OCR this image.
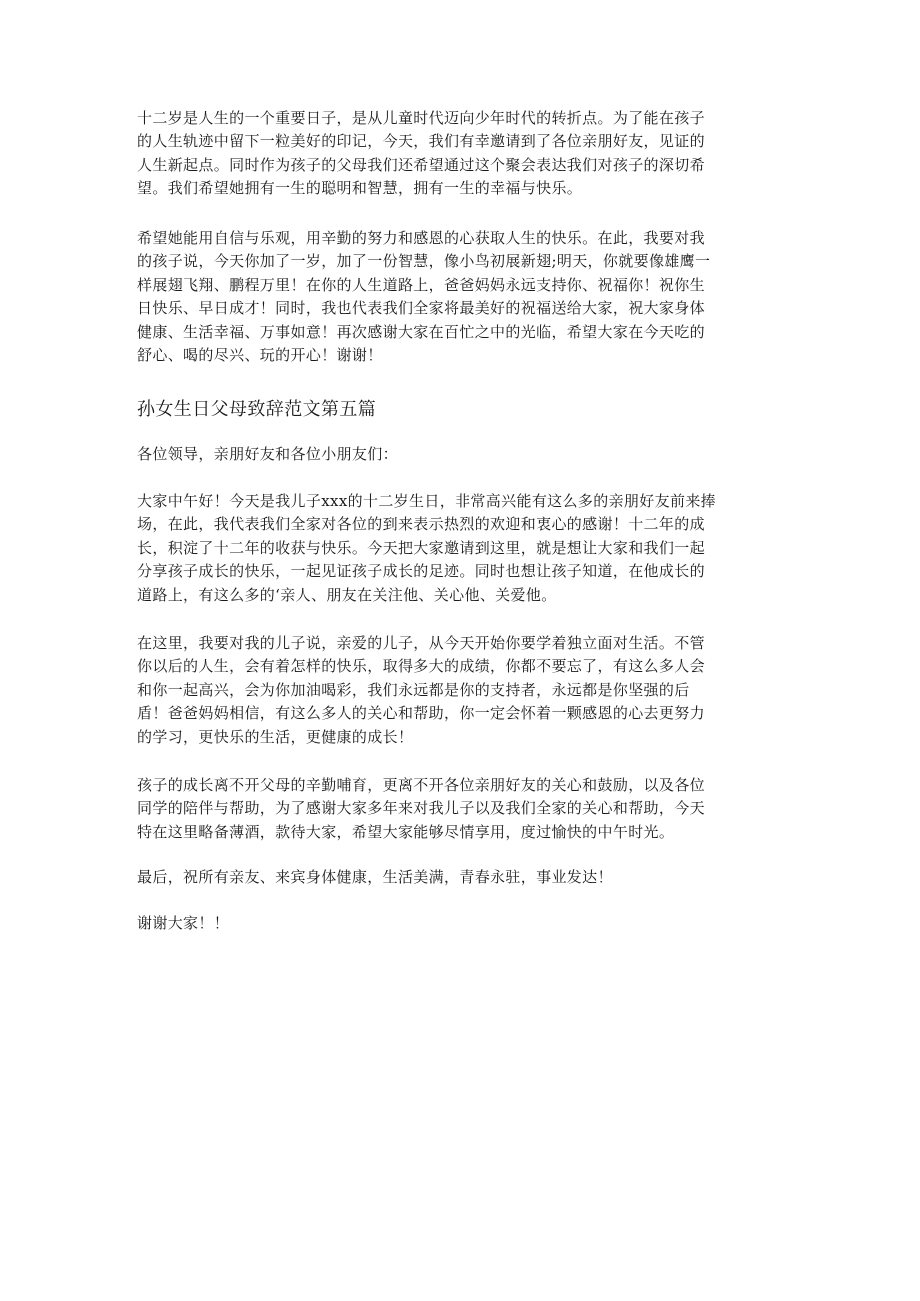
十二岁是人生的一个重要日子，是从儿童时代迈向少年时代的转折点。为了能在孩子
的人生轨迹中留下一粒美好的印记，今天，我们有幸邀请到了各位亲朋好友，见证的
人生新起点。同时作为孩子的父母我们还希望通过这个聚会表达我们对孩子的深切希
望。我们希望她拥有一生的聪明和智慧，拥有一生的幸福与快乐。

希望她能用自信与乐观，用辛勤的努力和感恩的心获取人生的快乐。在此，我要对我
的孩子说，今天你加了一岁，加了一份智慧，像小鸟初展新翅;明天，你就要像雄鹰一
样展翅飞翔、鹏程万里！在你的人生道路上，爸爸妈妈永远支持你、祝福你！祝你生
日快乐、早日成才！同时，我也代表我们全家将最美好的祝福送给大家，祝大家身体
健康、生活幸福、万事如意！再次感谢大家在百忙之中的光临，希望大家在今天吃的
舒心、喝的尽兴、玩的开心！谢谢！

孙女生日父母致辞范文第五篇

各位领导，亲朋好友和各位小朋友们：

大家中午好！今天是我儿子xxx的十二岁生日，非常高兴能有这么多的亲朋好友前来捧
场，在此，我代表我们全家对各位的到来表示热烈的欢迎和衷心的感谢！十二年的成
长，积淀了十二年的收获与快乐。今天把大家邀请到这里，就是想让大家和我们一起
分享孩子成长的快乐，一起见证孩子成长的足迹。同时也想让孩子知道，在他成长的
道路上，有这么多的‘亲人、朋友在关注他、关心他、关爱他。

在这里，我要对我的儿子说，亲爱的儿子，从今天开始你要学着独立面对生活。不管
你以后的人生，会有着怎样的快乐，取得多大的成绩，你都不要忘了，有这么多人会
和你一起高兴，会为你加油喝彩，我们永远都是你的支持者，永远都是你坚强的后
盾！爸爸妈妈相信，有这么多人的关心和帮助，你一定会怀着一颗感恩的心去更努力
的学习，更快乐的生活，更健康的成长！

孩子的成长离不开父母的辛勤哺育，更离不开各位亲朋好友的关心和鼓励，以及各位
同学的陪伴与帮助，为了感谢大家多年来对我儿子以及我们全家的关心和帮助，今天
特在这里略备薄酒，款待大家，希望大家能够尽情享用，度过愉快的中午时光。

最后，祝所有亲友、来宾身体健康，生活美满，青春永驻，事业发达！

谢谢大家！！
